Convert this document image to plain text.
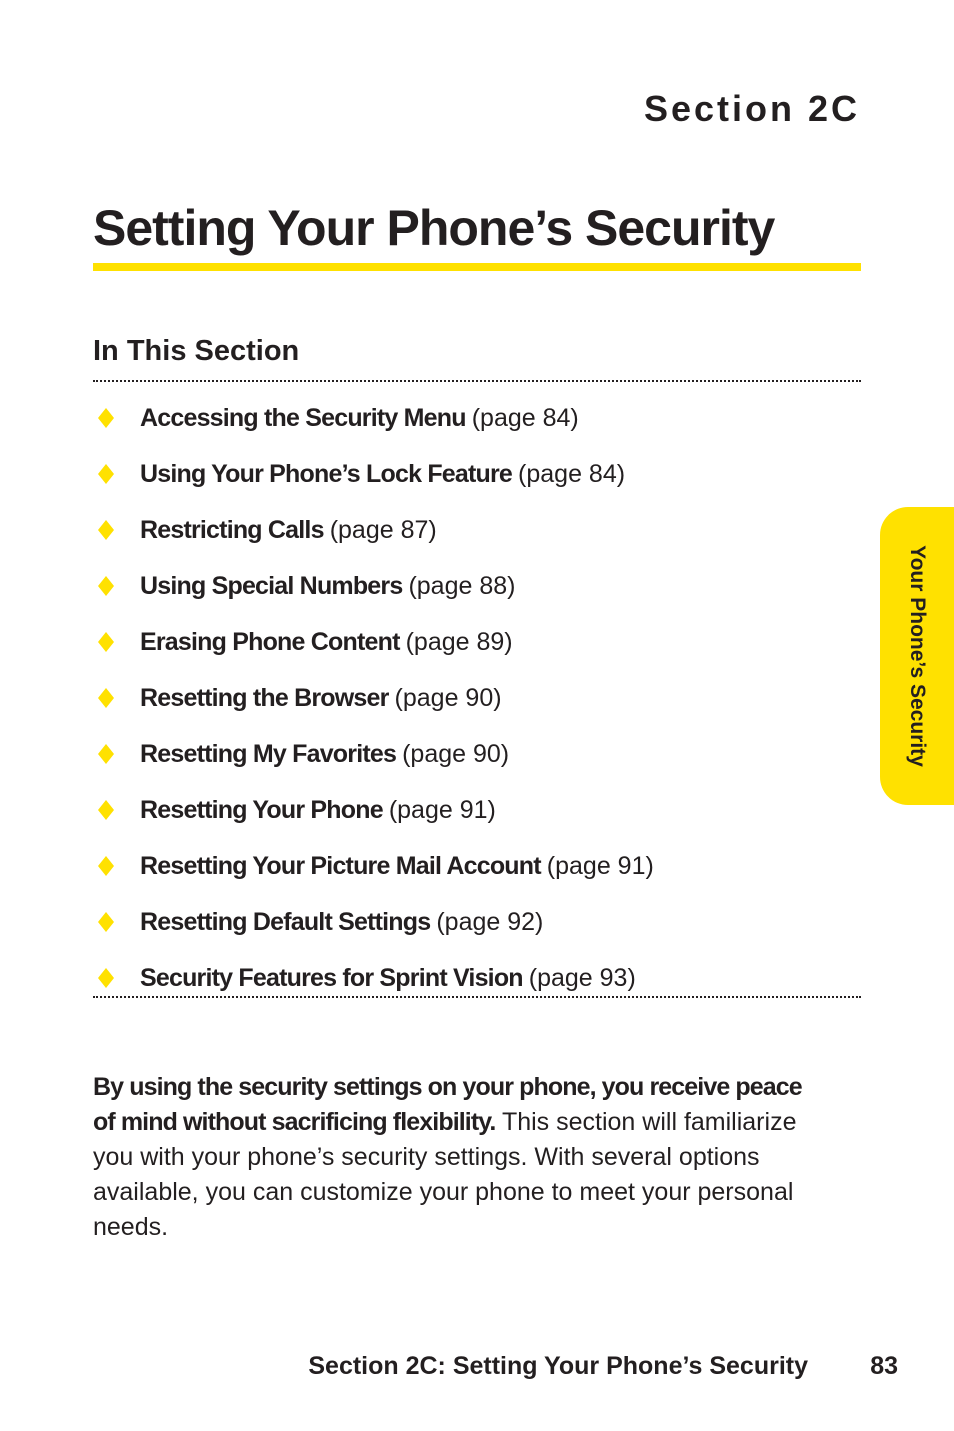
Section 2C
Setting Your Phone’s Security
In This Section
Accessing the Security Menu (page 84)
Using Your Phone’s Lock Feature (page 84)
Restricting Calls (page 87)
Using Special Numbers (page 88)
Erasing Phone Content (page 89)
Resetting the Browser (page 90)
Resetting My Favorites (page 90)
Resetting Your Phone (page 91)
Resetting Your Picture Mail Account (page 91)
Resetting Default Settings (page 92)
Security Features for Sprint Vision (page 93)

By using the security settings on your phone, you receive peace of mind without sacrificing flexibility. This section will familiarize you with your phone’s security settings. With several options available, you can customize your phone to meet your personal needs.

Your Phone’s Security
Section 2C: Setting Your Phone’s Security 83
